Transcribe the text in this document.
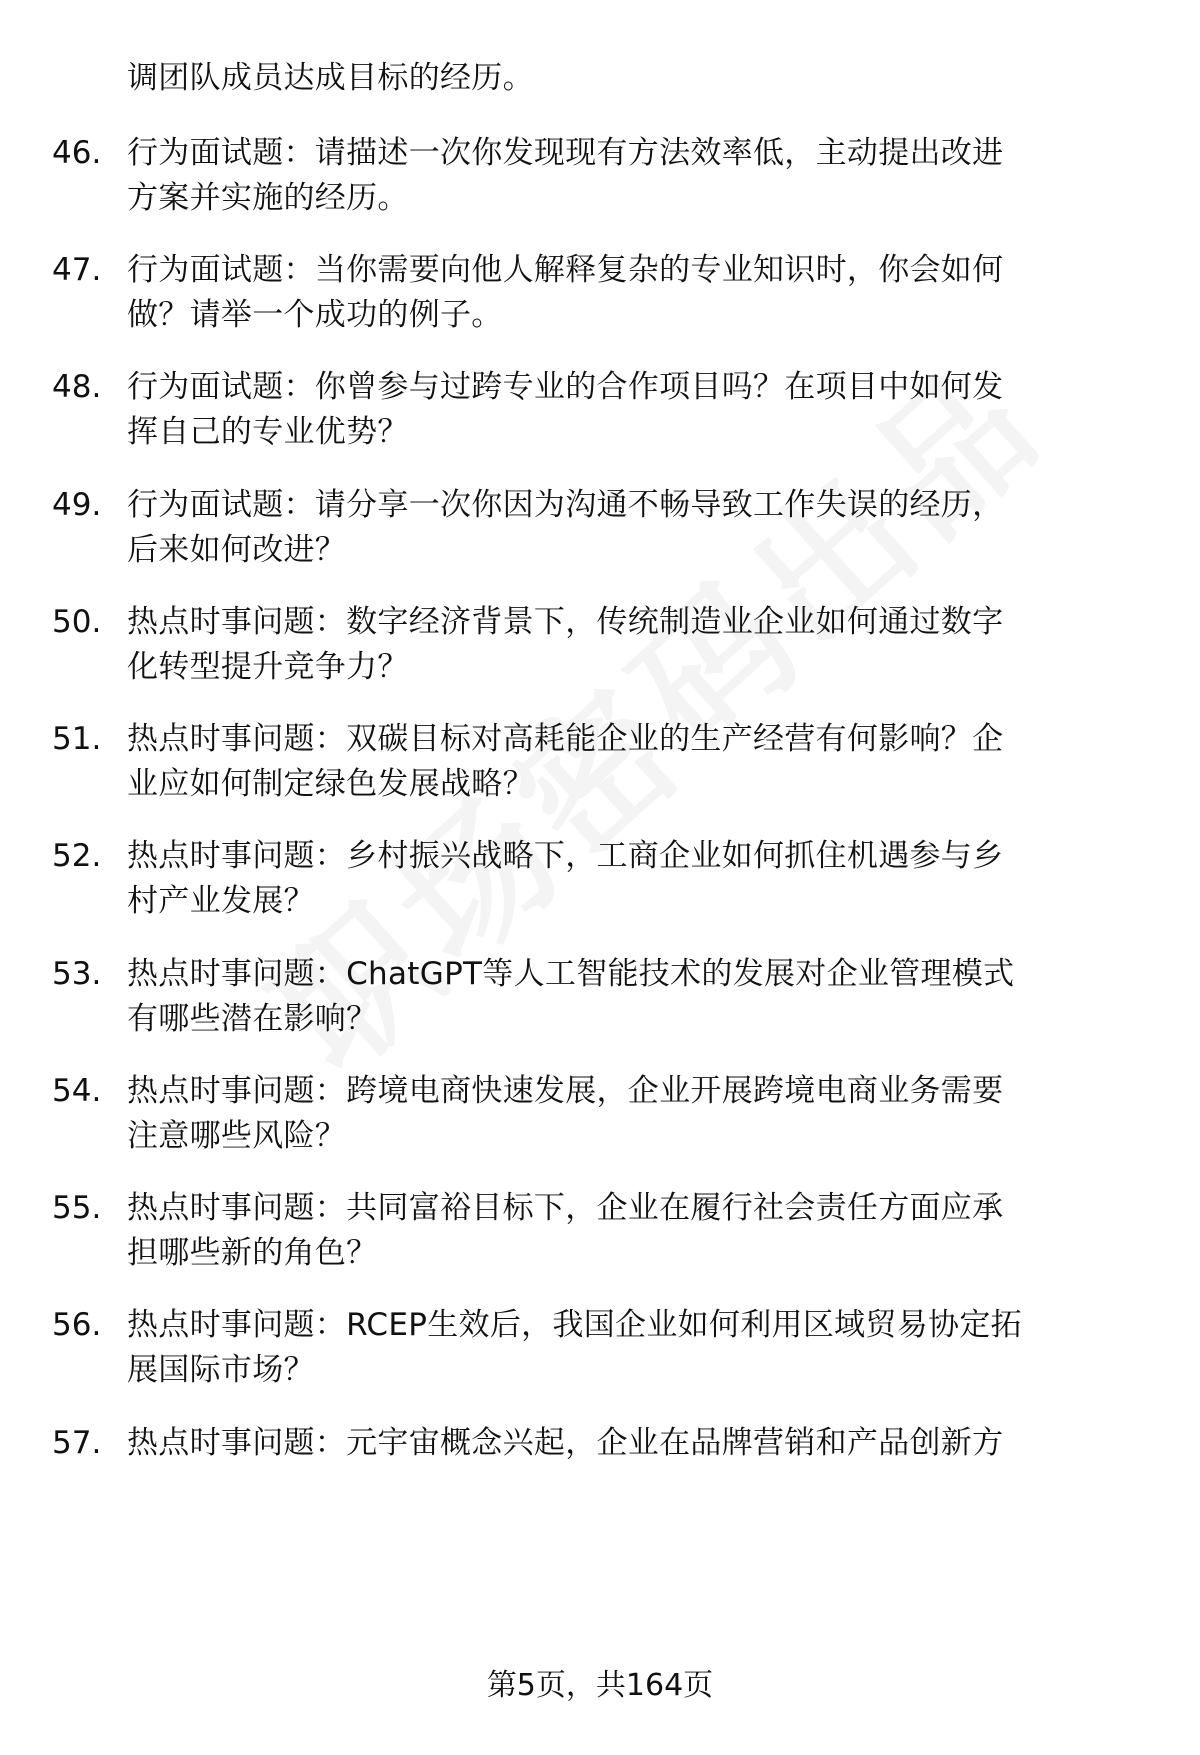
调团队成员达成目标的经历。
46. 行为面试题：请描述一次你发现现有方法效率低，主动提出改进
方案并实施的经历。
47. 行为面试题：当你需要向他人解释复杂的专业知识时，你会如何
做？请举一个成功的例子。
48. 行为面试题：你曾参与过跨专业的合作项目吗？在项目中如何发
挥自己的专业优势？
49. 行为面试题：请分享一次你因为沟通不畅导致工作失误的经历，
后来如何改进？
50. 热点时事问题：数字经济背景下，传统制造业企业如何通过数字
化转型提升竞争力？
51. 热点时事问题：双碳目标对高耗能企业的生产经营有何影响？企
业应如何制定绿色发展战略？
52. 热点时事问题：乡村振兴战略下，工商企业如何抓住机遇参与乡
村产业发展？
53. 热点时事问题：ChatGPT等人工智能技术的发展对企业管理模式
有哪些潜在影响？
54. 热点时事问题：跨境电商快速发展，企业开展跨境电商业务需要
注意哪些风险？
55. 热点时事问题：共同富裕目标下，企业在履行社会责任方面应承
担哪些新的角色？
56. 热点时事问题：RCEP生效后，我国企业如何利用区域贸易协定拓
展国际市场？
57. 热点时事问题：元宇宙概念兴起，企业在品牌营销和产品创新方
第5页，共164页
